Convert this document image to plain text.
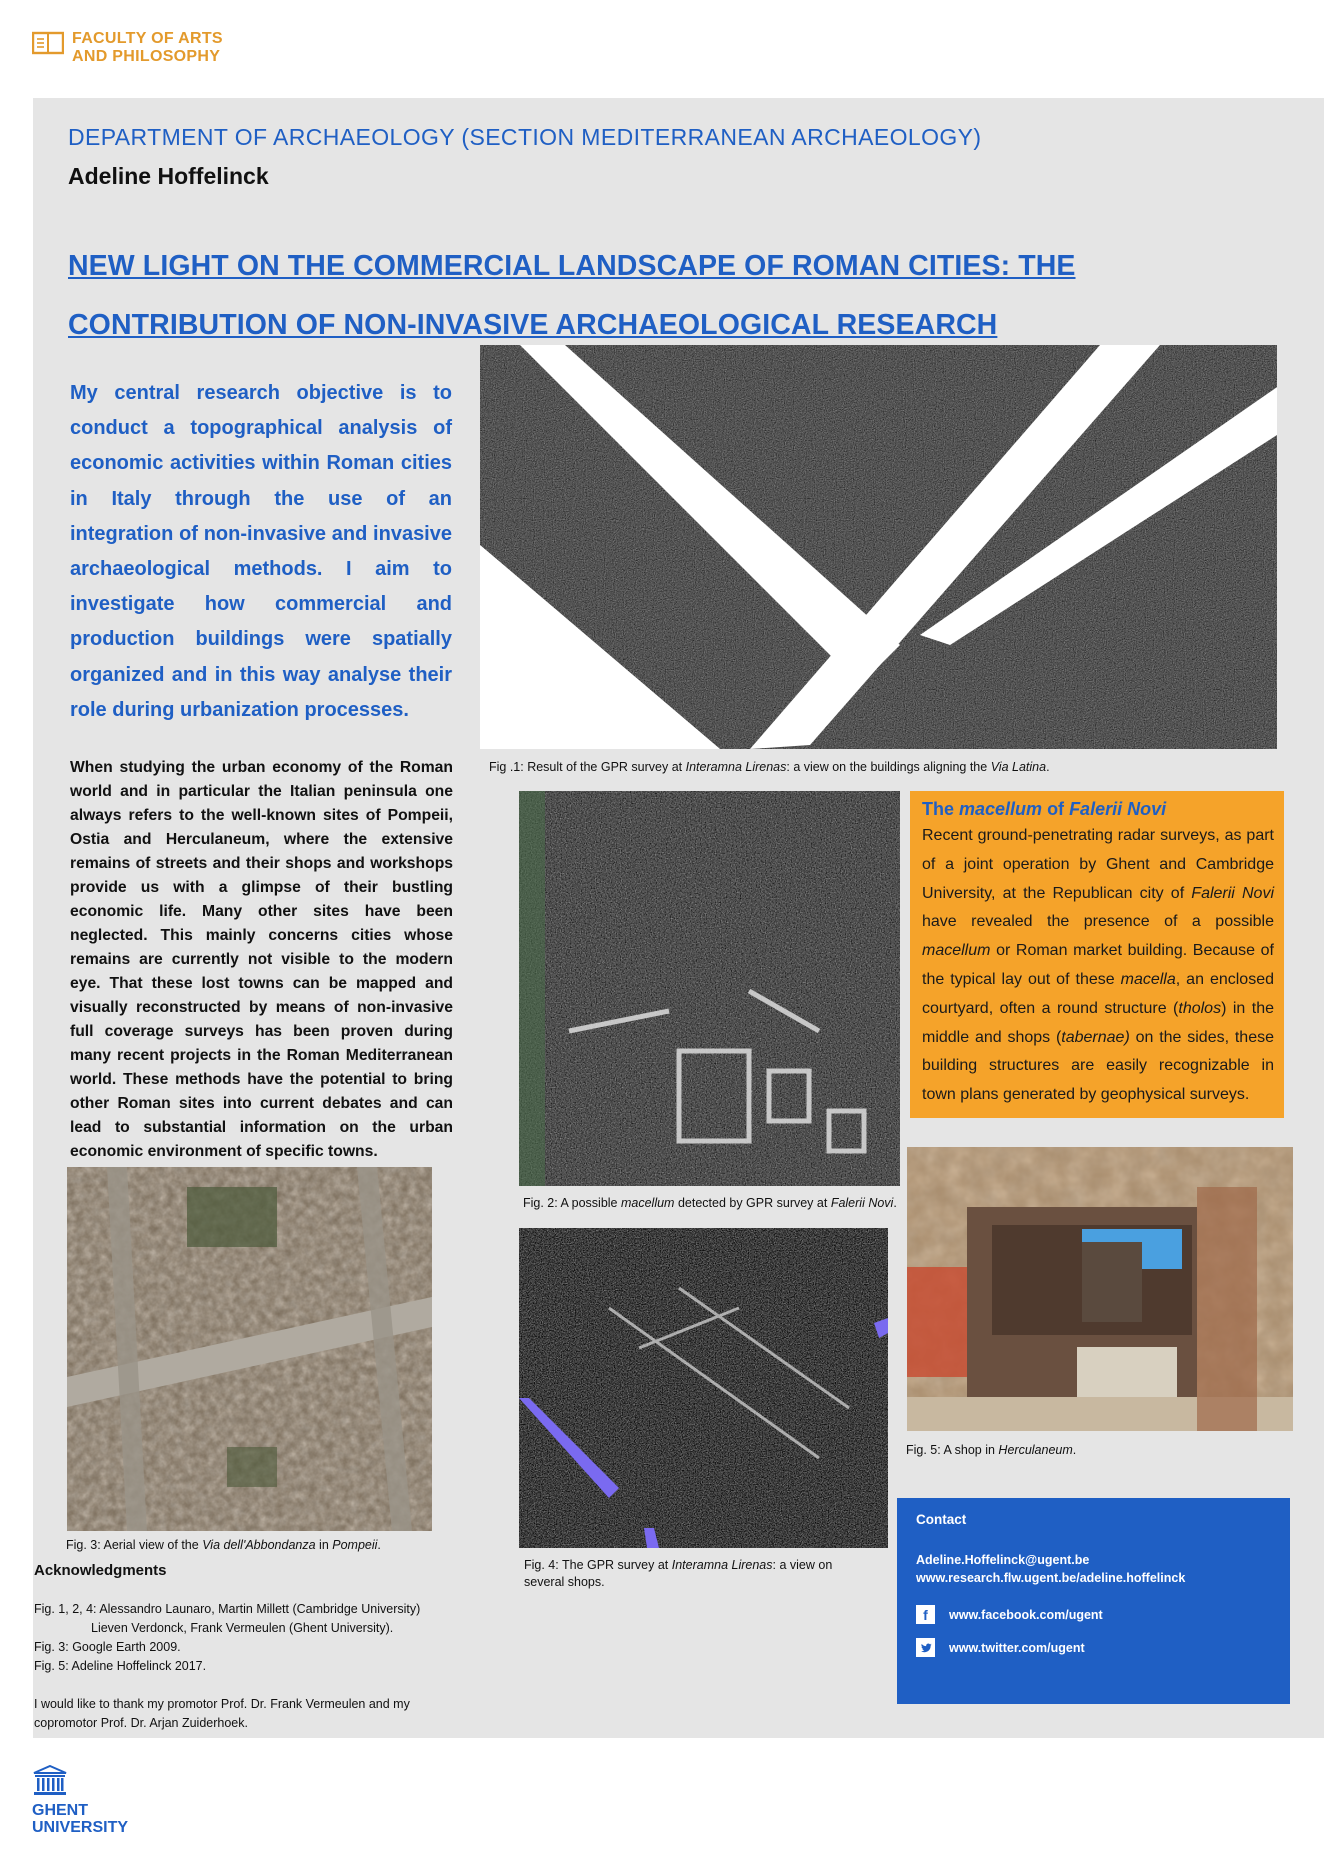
FACULTY OF ARTS
AND PHILOSOPHY
DEPARTMENT OF ARCHAEOLOGY (SECTION MEDITERRANEAN ARCHAEOLOGY)
Adeline Hoffelinck
NEW LIGHT ON THE COMMERCIAL LANDSCAPE OF ROMAN CITIES: THE CONTRIBUTION OF NON-INVASIVE ARCHAEOLOGICAL RESEARCH
My central research objective is to conduct a topographical analysis of economic activities within Roman cities in Italy through the use of an integration of non-invasive and invasive archaeological methods. I aim to investigate how commercial and production buildings were spatially organized and in this way analyse their role during urbanization processes.
Fig .1: Result of the GPR survey at Interamna Lirenas: a view on the buildings aligning the Via Latina.
When studying the urban economy of the Roman world and in particular the Italian peninsula one always refers to the well-known sites of Pompeii, Ostia and Herculaneum, where the extensive remains of streets and their shops and workshops provide us with a glimpse of their bustling economic life. Many other sites have been neglected. This mainly concerns cities whose remains are currently not visible to the modern eye. That these lost towns can be mapped and visually reconstructed by means of non-invasive full coverage surveys has been proven during many recent projects in the Roman Mediterranean world. These methods have the potential to bring other Roman sites into current debates and can lead to substantial information on the urban economic environment of specific towns.
Fig. 2: A possible macellum detected by GPR survey at Falerii Novi.
The macellum of Falerii Novi

Recent ground-penetrating radar surveys, as part of a joint operation by Ghent and Cambridge University, at the Republican city of Falerii Novi have revealed the presence of a possible macellum or Roman market building. Because of the typical lay out of these macella, an enclosed courtyard, often a round structure (tholos) in the middle and shops (tabernae) on the sides, these building structures are easily recognizable in town plans generated by geophysical surveys.

Fig. 5: A shop in Herculaneum.
Fig. 3: Aerial view of the Via dell'Abbondanza in Pompeii.
Fig. 4: The GPR survey at Interamna Lirenas: a view on several shops.
Contact
Adeline.Hoffelinck@ugent.be
www.research.flw.ugent.be/adeline.hoffelinck
f	www.facebook.com/ugent
www.twitter.com/ugent
Acknowledgments
Fig. 1, 2, 4: Alessandro Launaro, Martin Millett (Cambridge University)
Lieven Verdonck, Frank Vermeulen (Ghent University).
Fig. 3: Google Earth 2009.
Fig. 5: Adeline Hoffelinck 2017.
I would like to thank my promotor Prof. Dr. Frank Vermeulen and my
copromotor Prof. Dr. Arjan Zuiderhoek.
GHENT
UNIVERSITY
